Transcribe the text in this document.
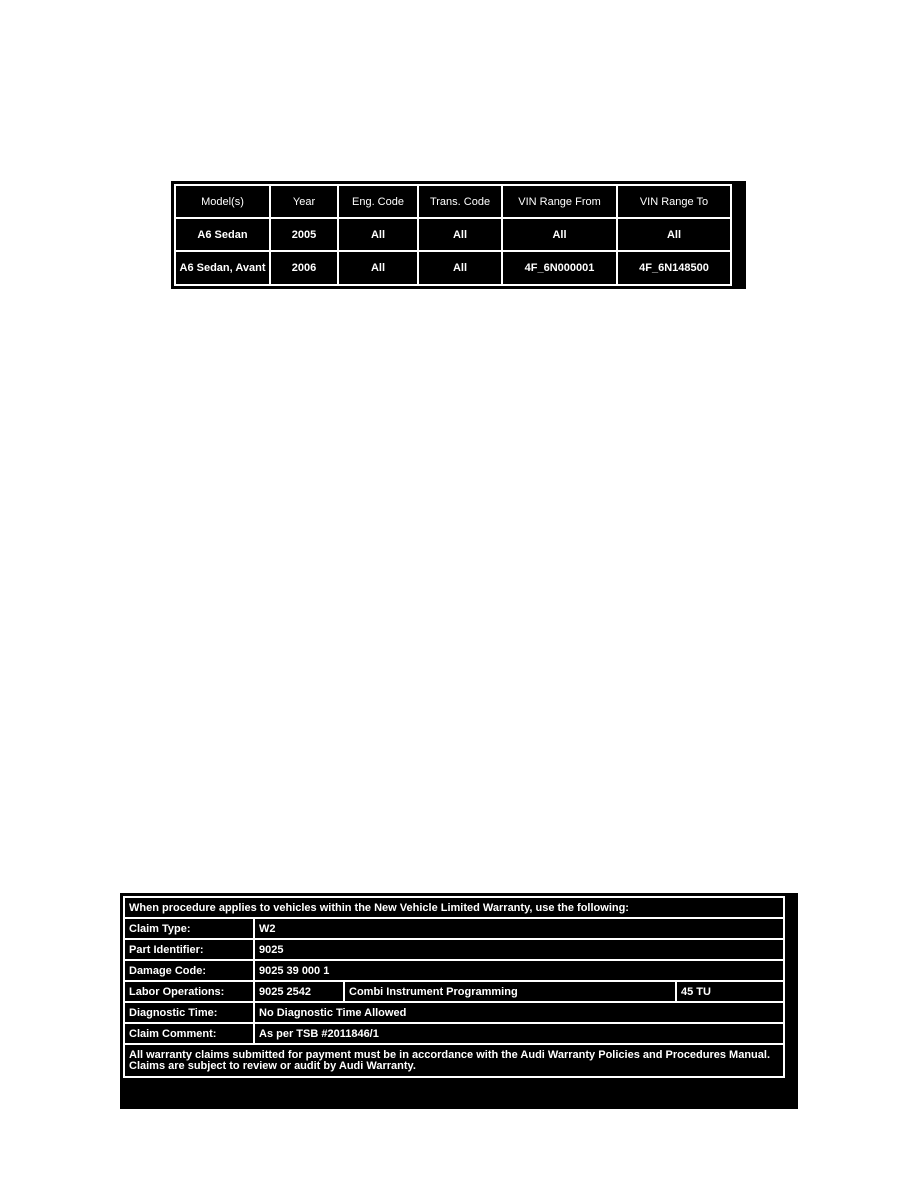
Model(s)	Year	Eng. Code	Trans. Code	VIN Range From	VIN Range To
A6 Sedan	2005	All	All	All	All
A6 Sedan, Avant	2006	All	All	4F_6N000001	4F_6N148500
When procedure applies to vehicles within the New Vehicle Limited Warranty, use the following:			
Claim Type:	W2		
Part Identifier:	9025		
Damage Code:	9025 39 000 1		
Labor Operations:	9025 2542	Combi Instrument Programming	45 TU
Diagnostic Time:	No Diagnostic Time Allowed		
Claim Comment:	As per TSB #2011846/1		
All warranty claims submitted for payment must be in accordance with the Audi Warranty Policies and Procedures Manual. Claims are subject to review or audit by Audi Warranty.			
